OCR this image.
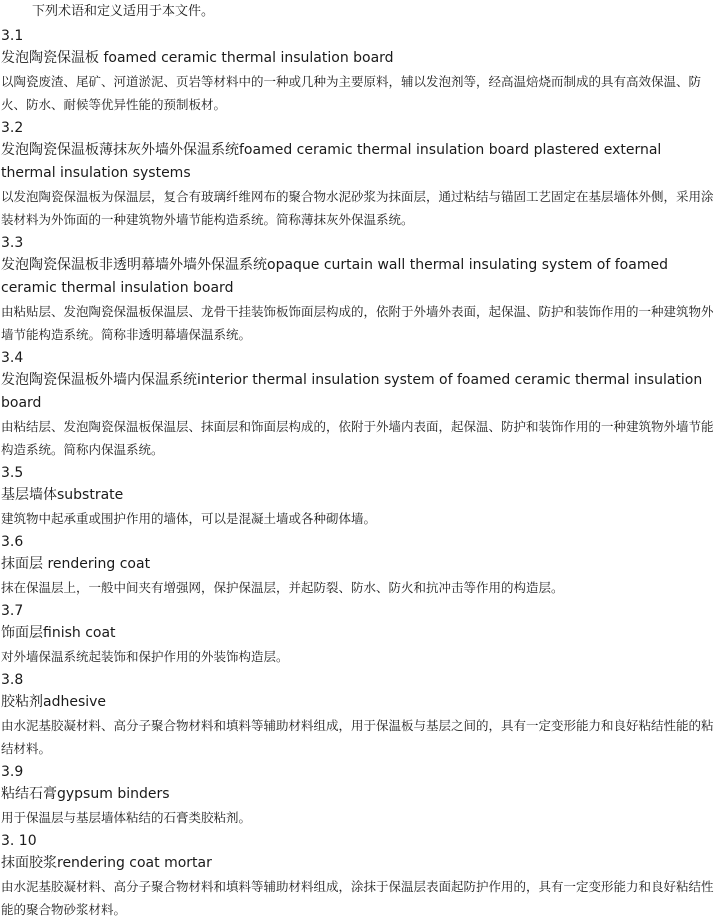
下列术语和定义适用于本文件。
3.1
发泡陶瓷保温板 foamed ceramic thermal insulation board
以陶瓷废渣、尾矿、河道淤泥、页岩等材料中的一种或几种为主要原料，辅以发泡剂等，经高温焙烧而制成的具有高效保温、防火、防水、耐候等优异性能的预制板材。
3.2
发泡陶瓷保温板薄抹灰外墙外保温系统foamed ceramic thermal insulation board plastered external thermal insulation systems
以发泡陶瓷保温板为保温层，复合有玻璃纤维网布的聚合物水泥砂浆为抹面层，通过粘结与锚固工艺固定在基层墙体外侧，采用涂装材料为外饰面的一种建筑物外墙节能构造系统。简称薄抹灰外保温系统。
3.3
发泡陶瓷保温板非透明幕墙外墙外保温系统opaque curtain wall thermal insulating system of foamed ceramic thermal insulation board
由粘贴层、发泡陶瓷保温板保温层、龙骨干挂装饰板饰面层构成的，依附于外墙外表面，起保温、防护和装饰作用的一种建筑物外墙节能构造系统。简称非透明幕墙保温系统。
3.4
发泡陶瓷保温板外墙内保温系统interior thermal insulation system of foamed ceramic thermal insulation board
由粘结层、发泡陶瓷保温板保温层、抹面层和饰面层构成的，依附于外墙内表面，起保温、防护和装饰作用的一种建筑物外墙节能构造系统。简称内保温系统。
3.5
基层墙体substrate
建筑物中起承重或围护作用的墙体，可以是混凝土墙或各种砌体墙。
3.6
抹面层 rendering coat
抹在保温层上，一般中间夹有增强网，保护保温层，并起防裂、防水、防火和抗冲击等作用的构造层。
3.7
饰面层finish coat
对外墙保温系统起装饰和保护作用的外装饰构造层。
3.8
胶粘剂adhesive
由水泥基胶凝材料、高分子聚合物材料和填料等辅助材料组成，用于保温板与基层之间的，具有一定变形能力和良好粘结性能的粘结材料。
3.9
粘结石膏gypsum binders
用于保温层与基层墙体粘结的石膏类胶粘剂。
3. 10
抹面胶浆rendering coat mortar
由水泥基胶凝材料、高分子聚合物材料和填料等辅助材料组成，涂抹于保温层表面起防护作用的，具有一定变形能力和良好粘结性能的聚合物砂浆材料。
